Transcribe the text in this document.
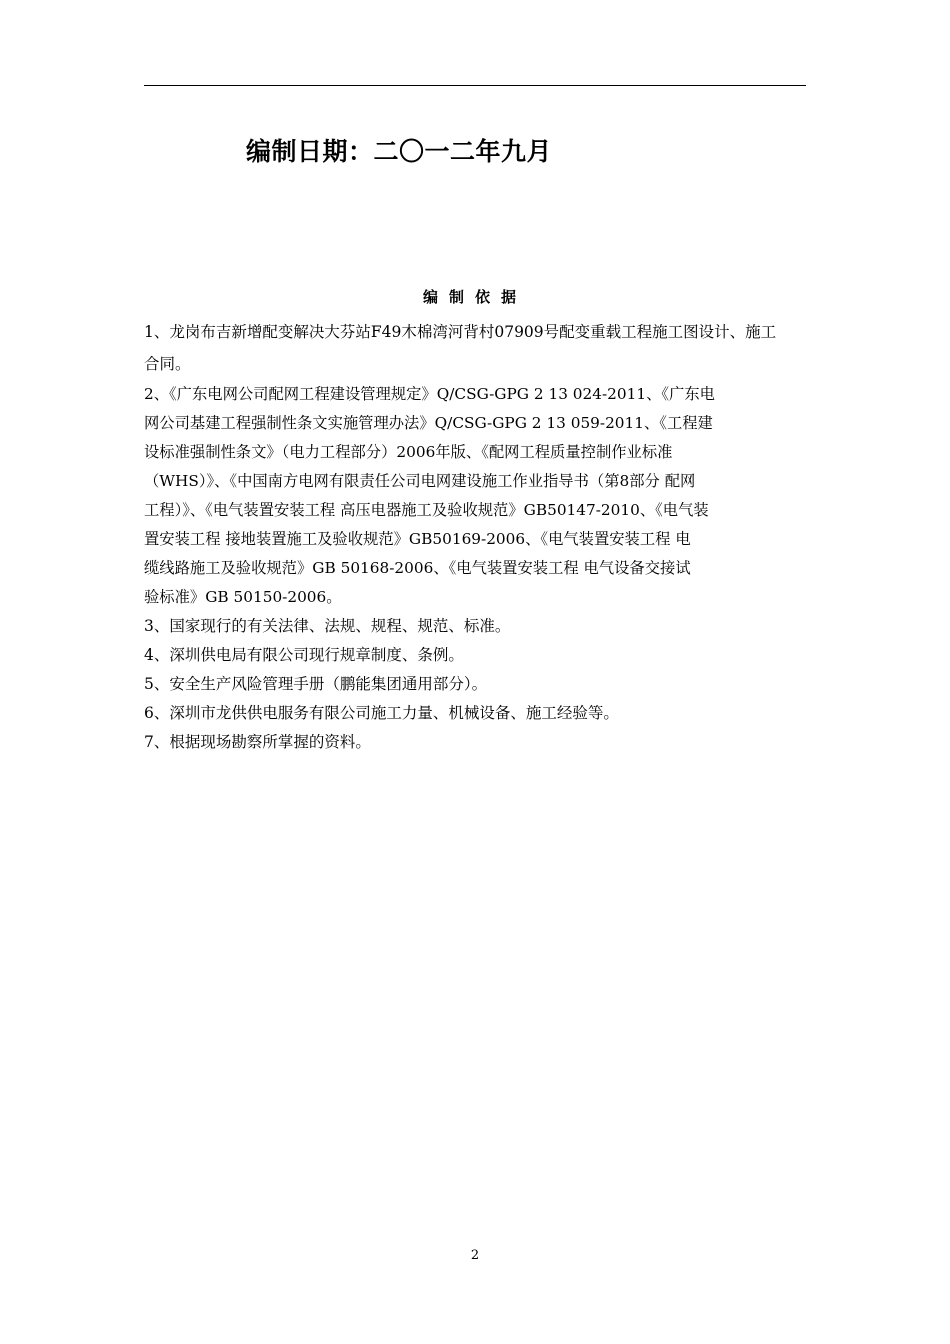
编制日期：二〇一二年九月
编制依据

1、龙岗布吉新增配变解决大芬站F49木棉湾河背村07909号配变重载工程施工图设计、施工
合同。

2、《广东电网公司配网工程建设管理规定》Q/CSG-GPG 2 13 024-2011、《广东电
网公司基建工程强制性条文实施管理办法》Q/CSG-GPG 2 13 059-2011、《工程建
设标准强制性条文》（电力工程部分）2006年版、《配网工程质量控制作业标准
（WHS）》、《中国南方电网有限责任公司电网建设施工作业指导书（第8部分 配网
工程）》、《电气装置安装工程 高压电器施工及验收规范》GB50147-2010、《电气装
置安装工程 接地装置施工及验收规范》GB50169-2006、《电气装置安装工程 电
缆线路施工及验收规范》GB 50168-2006、《电气装置安装工程 电气设备交接试
验标准》GB 50150-2006。

3、国家现行的有关法律、法规、规程、规范、标准。

4、深圳供电局有限公司现行规章制度、条例。

5、安全生产风险管理手册（鹏能集团通用部分）。

6、深圳市龙供供电服务有限公司施工力量、机械设备、施工经验等。

7、根据现场勘察所掌握的资料。

2
